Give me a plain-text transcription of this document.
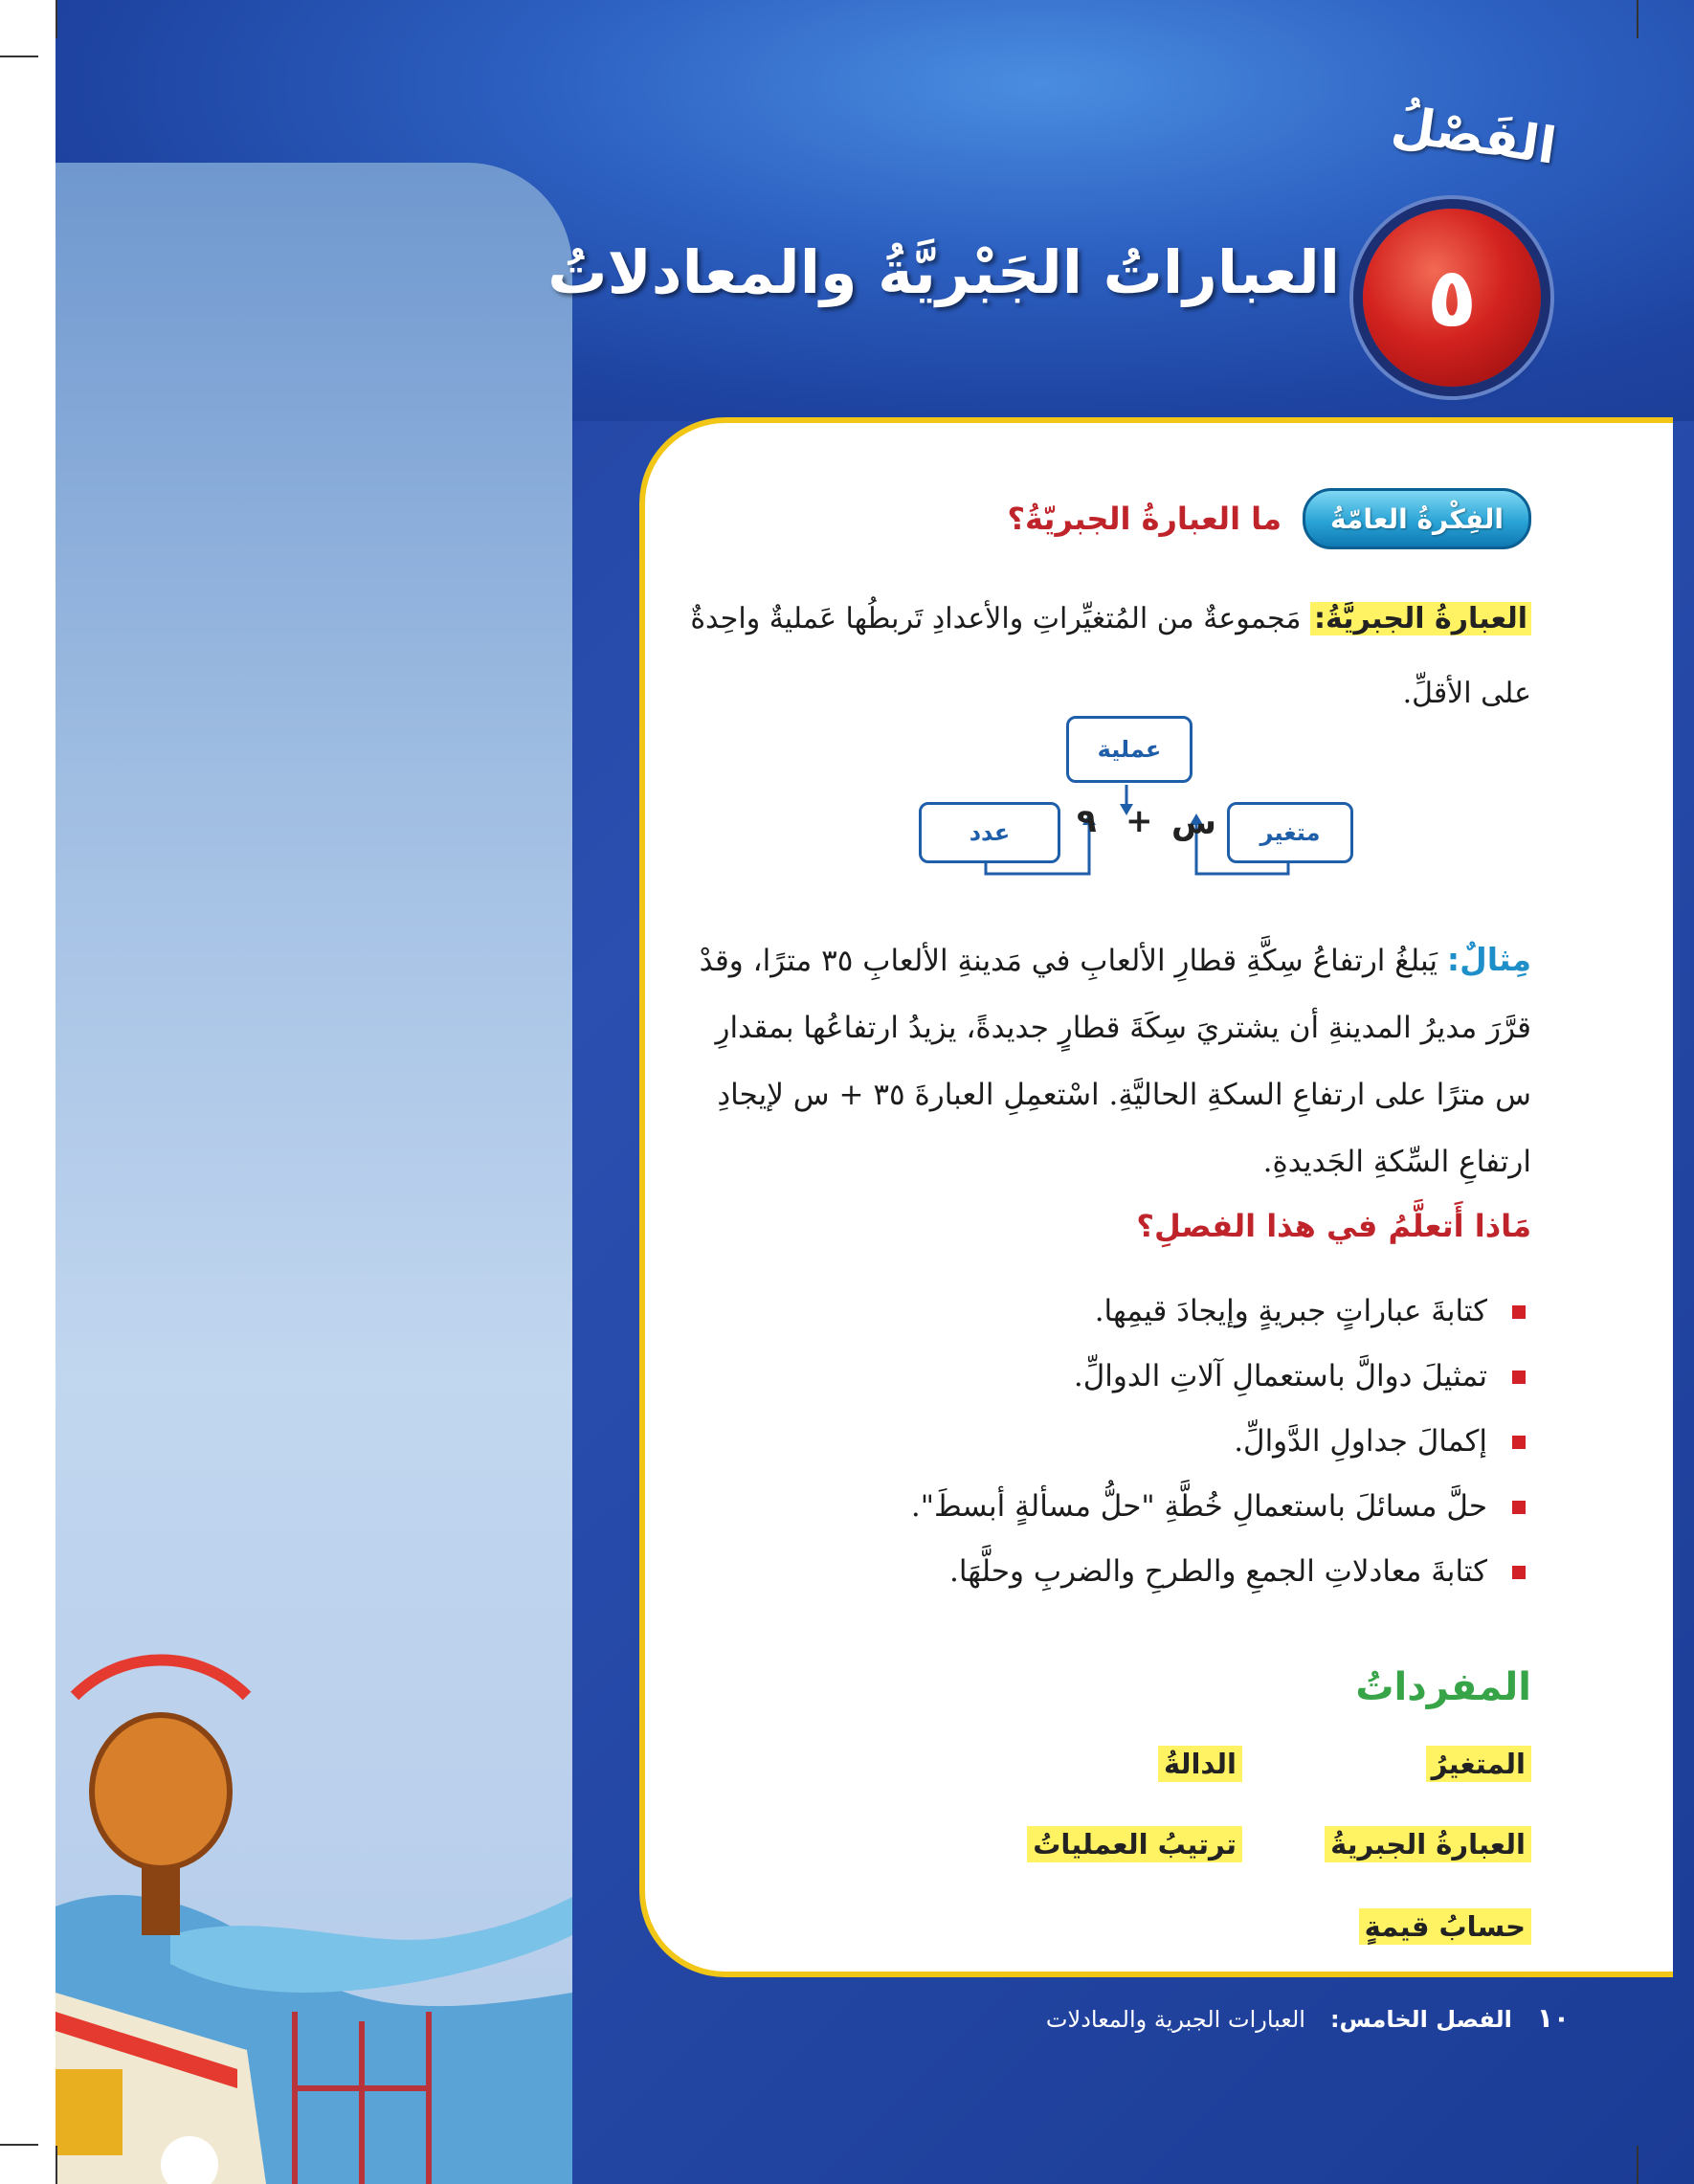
الفَصْلُ
٥
العباراتُ الجَبْريَّةُ والمعادلاتُ
الفِكْرةُ العامّةُ
ما العبارةُ الجبريّةُ؟
العبارةُ الجبريَّةُ: مَجموعةٌ من المُتغيِّراتِ والأعدادِ تَربطُها عَمليةٌ واحِدةٌ على الأقلِّ.
عملية
عدد	متغير
٩ + س
مِثالٌ: يَبلغُ ارتفاعُ سِكَّةِ قطارِ الألعابِ في مَدينةِ الألعابِ ٣٥ مترًا، وقدْ قرَّرَ مديرُ المدينةِ أن يشتريَ سِكَةَ قطارٍ جديدةً، يزيدُ ارتفاعُها بمقدارِ س مترًا على ارتفاعِ السكةِ الحاليَّةِ. اسْتعمِلِ العبارةَ ٣٥ + س لإيجادِ ارتفاعِ السِّكةِ الجَديدةِ.
مَاذا أَتعلَّمُ في هذا الفصلِ؟
كتابةَ عباراتٍ جبريةٍ وإيجادَ قيمِها.
تمثيلَ دوالَّ باستعمالِ آلاتِ الدوالِّ.
إكمالَ جداولِ الدَّوالِّ.
حلَّ مسائلَ باستعمالِ خُطَّةِ "حلُّ مسألةٍ أبسطَ".
كتابةَ معادلاتِ الجمعِ والطرحِ والضربِ وحلَّهَا.
المفرداتُ
المتغيرُ
الدالةُ
العبارةُ الجبريةُ
ترتيبُ العملياتُ
حسابُ قيمةٍ
١٠
الفصل الخامس:
العبارات الجبرية والمعادلات
